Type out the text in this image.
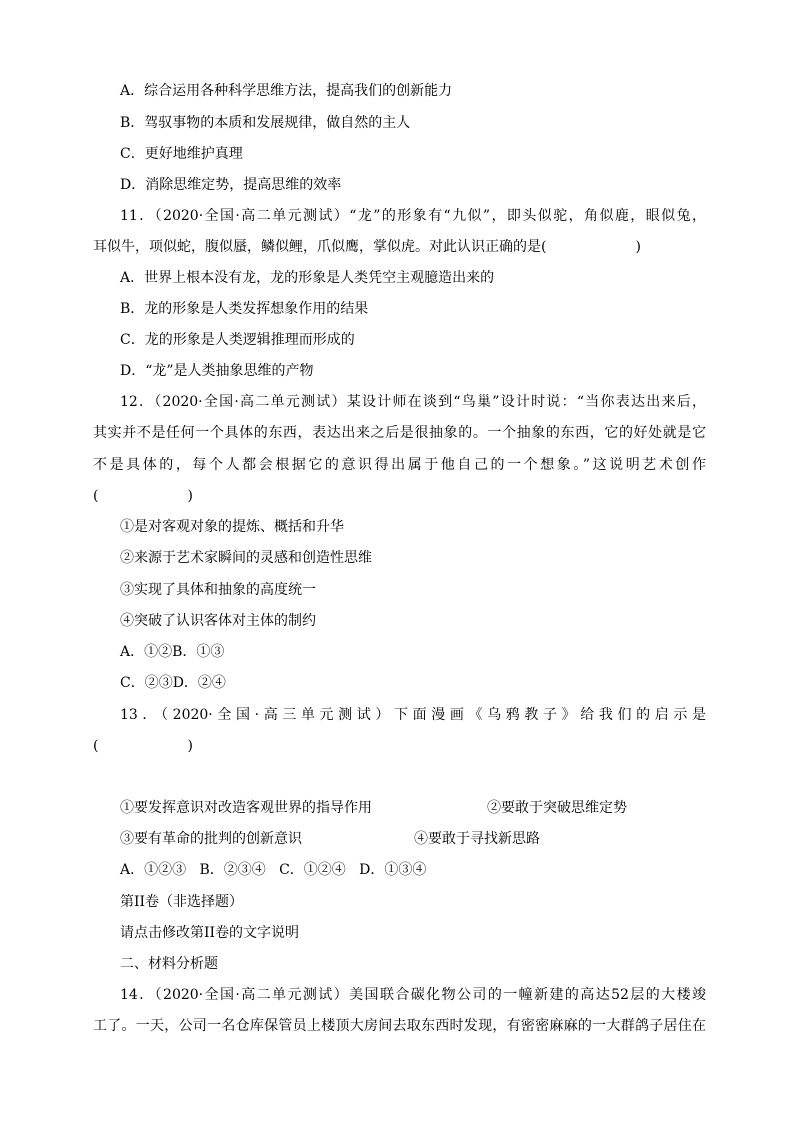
A．综合运用各种科学思维方法，提高我们的创新能力
B．驾驭事物的本质和发展规律，做自然的主人
C．更好地维护真理
D．消除思维定势，提高思维的效率
11．（2020·全国·高二单元测试）“龙”的形象有“九似”，即头似驼，角似鹿，眼似兔，
耳似牛，项似蛇，腹似蜃，鳞似鲤，爪似鹰，掌似虎。对此认识正确的是(                    )
A．世界上根本没有龙，龙的形象是人类凭空主观臆造出来的
B．龙的形象是人类发挥想象作用的结果
C．龙的形象是人类逻辑推理而形成的
D．“龙”是人类抽象思维的产物
12．（2020·全国·高二单元测试）某设计师在谈到“鸟巢”设计时说：“当你表达出来后，
其实并不是任何一个具体的东西，表达出来之后是很抽象的。一个抽象的东西，它的好处就是它
不是具体的，每个人都会根据它的意识得出属于他自己的一个想象。”这说明艺术创作
(                    )
①是对客观对象的提炼、概括和升华
②来源于艺术家瞬间的灵感和创造性思维
③实现了具体和抽象的高度统一
④突破了认识客体对主体的制约
A．①②B．①③
C．②③D．②④
13．（2020·全国·高三单元测试）下面漫画《乌鸦教子》给我们的启示是
(                    )
①要发挥意识对改造客观世界的指导作用	②要敢于突破思维定势
③要有革命的批判的创新意识	④要敢于寻找新思路
A．①②③   B．②③④   C．①②④   D．①③④
第II卷（非选择题）
请点击修改第II卷的文字说明
二、材料分析题
14．（2020·全国·高二单元测试）美国联合碳化物公司的一幢新建的高达52层的大楼竣
工了。一天，公司一名仓库保管员上楼顶大房间去取东西时发现，有密密麻麻的一大群鸽子居住在
